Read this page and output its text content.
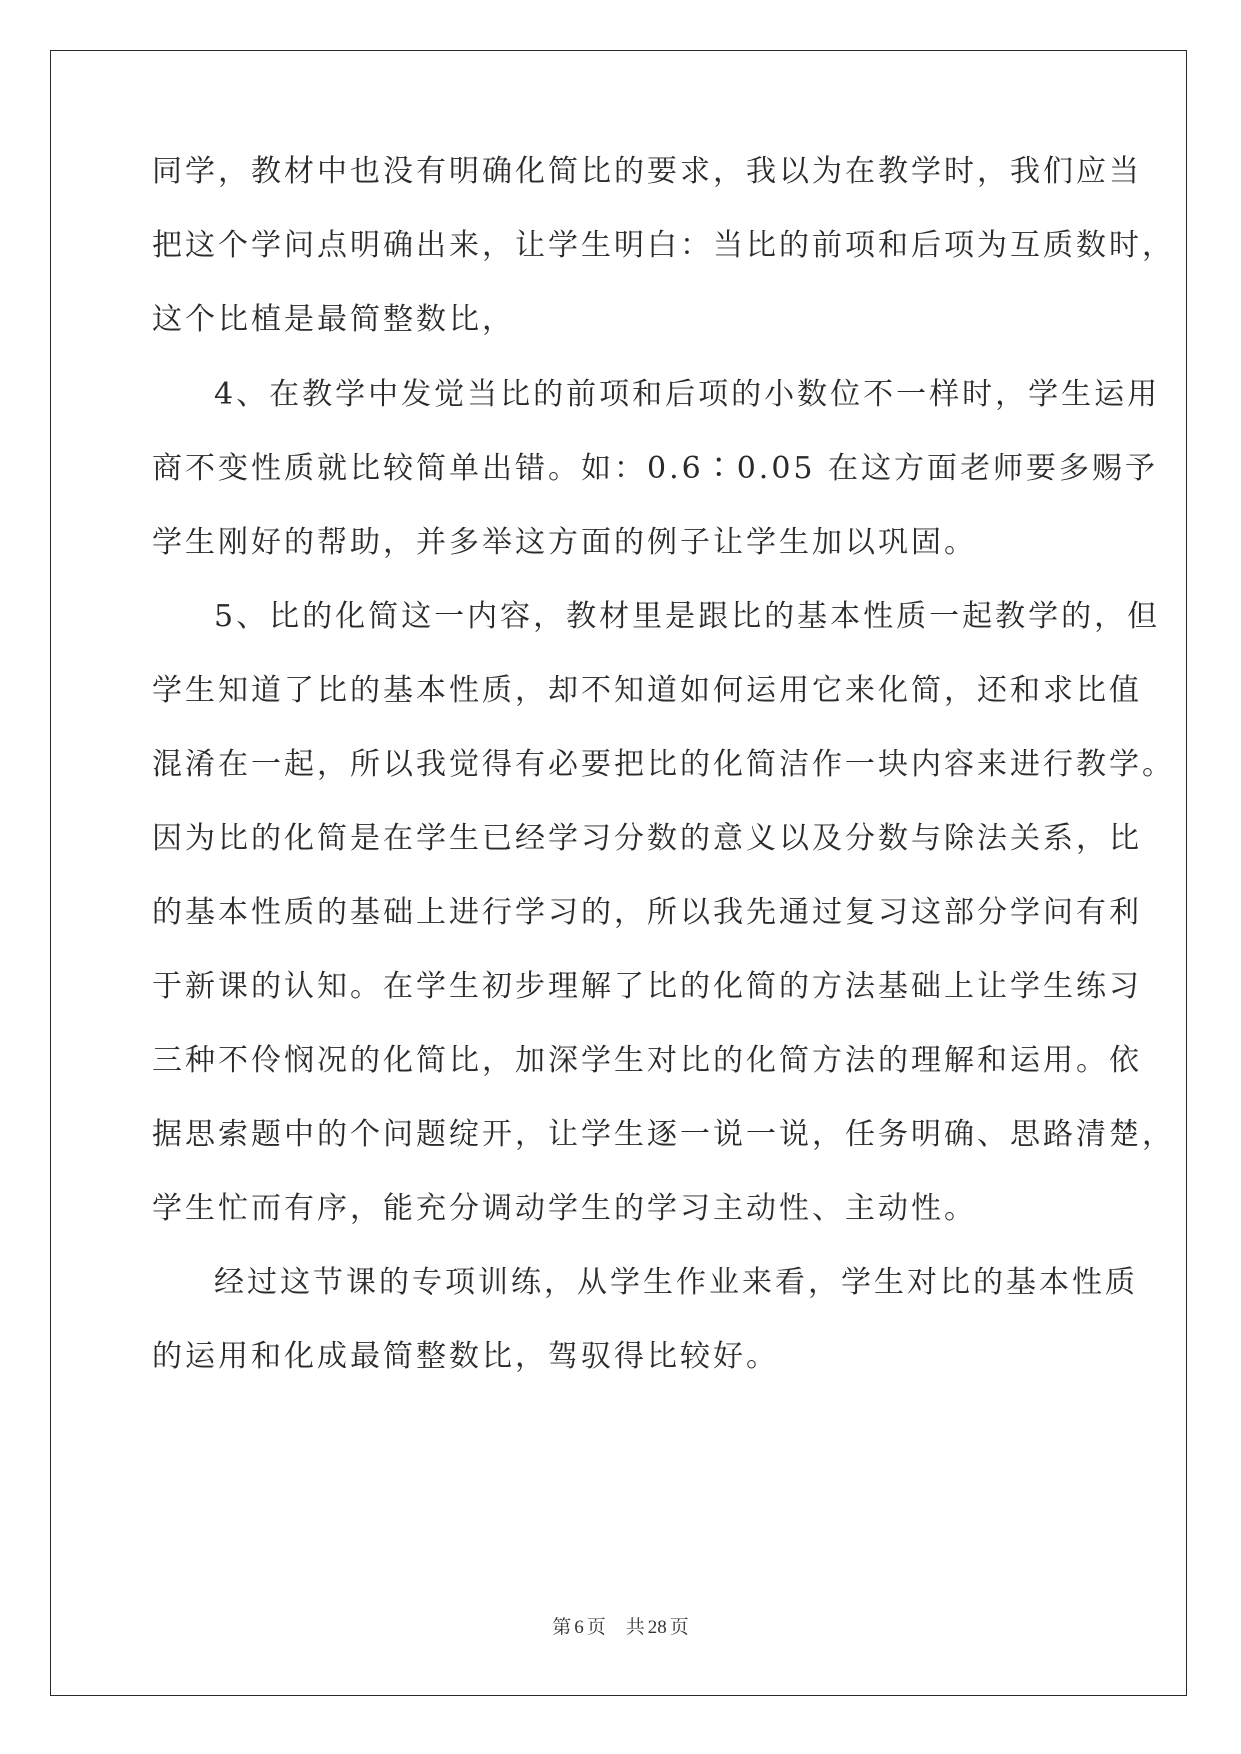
同学，教材中也没有明确化简比的要求，我以为在教学时，我们应当
把这个学问点明确出来，让学生明白：当比的前项和后项为互质数时，
这个比植是最简整数比，
4、在教学中发觉当比的前项和后项的小数位不一样时，学生运用
商不变性质就比较简单出错。如：0.6∶0.05 在这方面老师要多赐予
学生刚好的帮助，并多举这方面的例子让学生加以巩固。
5、比的化简这一内容，教材里是跟比的基本性质一起教学的，但
学生知道了比的基本性质，却不知道如何运用它来化简，还和求比值
混淆在一起，所以我觉得有必要把比的化简洁作一块内容来进行教学。
因为比的化简是在学生已经学习分数的意义以及分数与除法关系，比
的基本性质的基础上进行学习的，所以我先通过复习这部分学问有利
于新课的认知。在学生初步理解了比的化简的方法基础上让学生练习
三种不伶悯况的化简比，加深学生对比的化简方法的理解和运用。依
据思索题中的个问题绽开，让学生逐一说一说，任务明确、思路清楚，
学生忙而有序，能充分调动学生的学习主动性、主动性。
经过这节课的专项训练，从学生作业来看，学生对比的基本性质
的运用和化成最简整数比，驾驭得比较好。
第 6 页 共 28 页
